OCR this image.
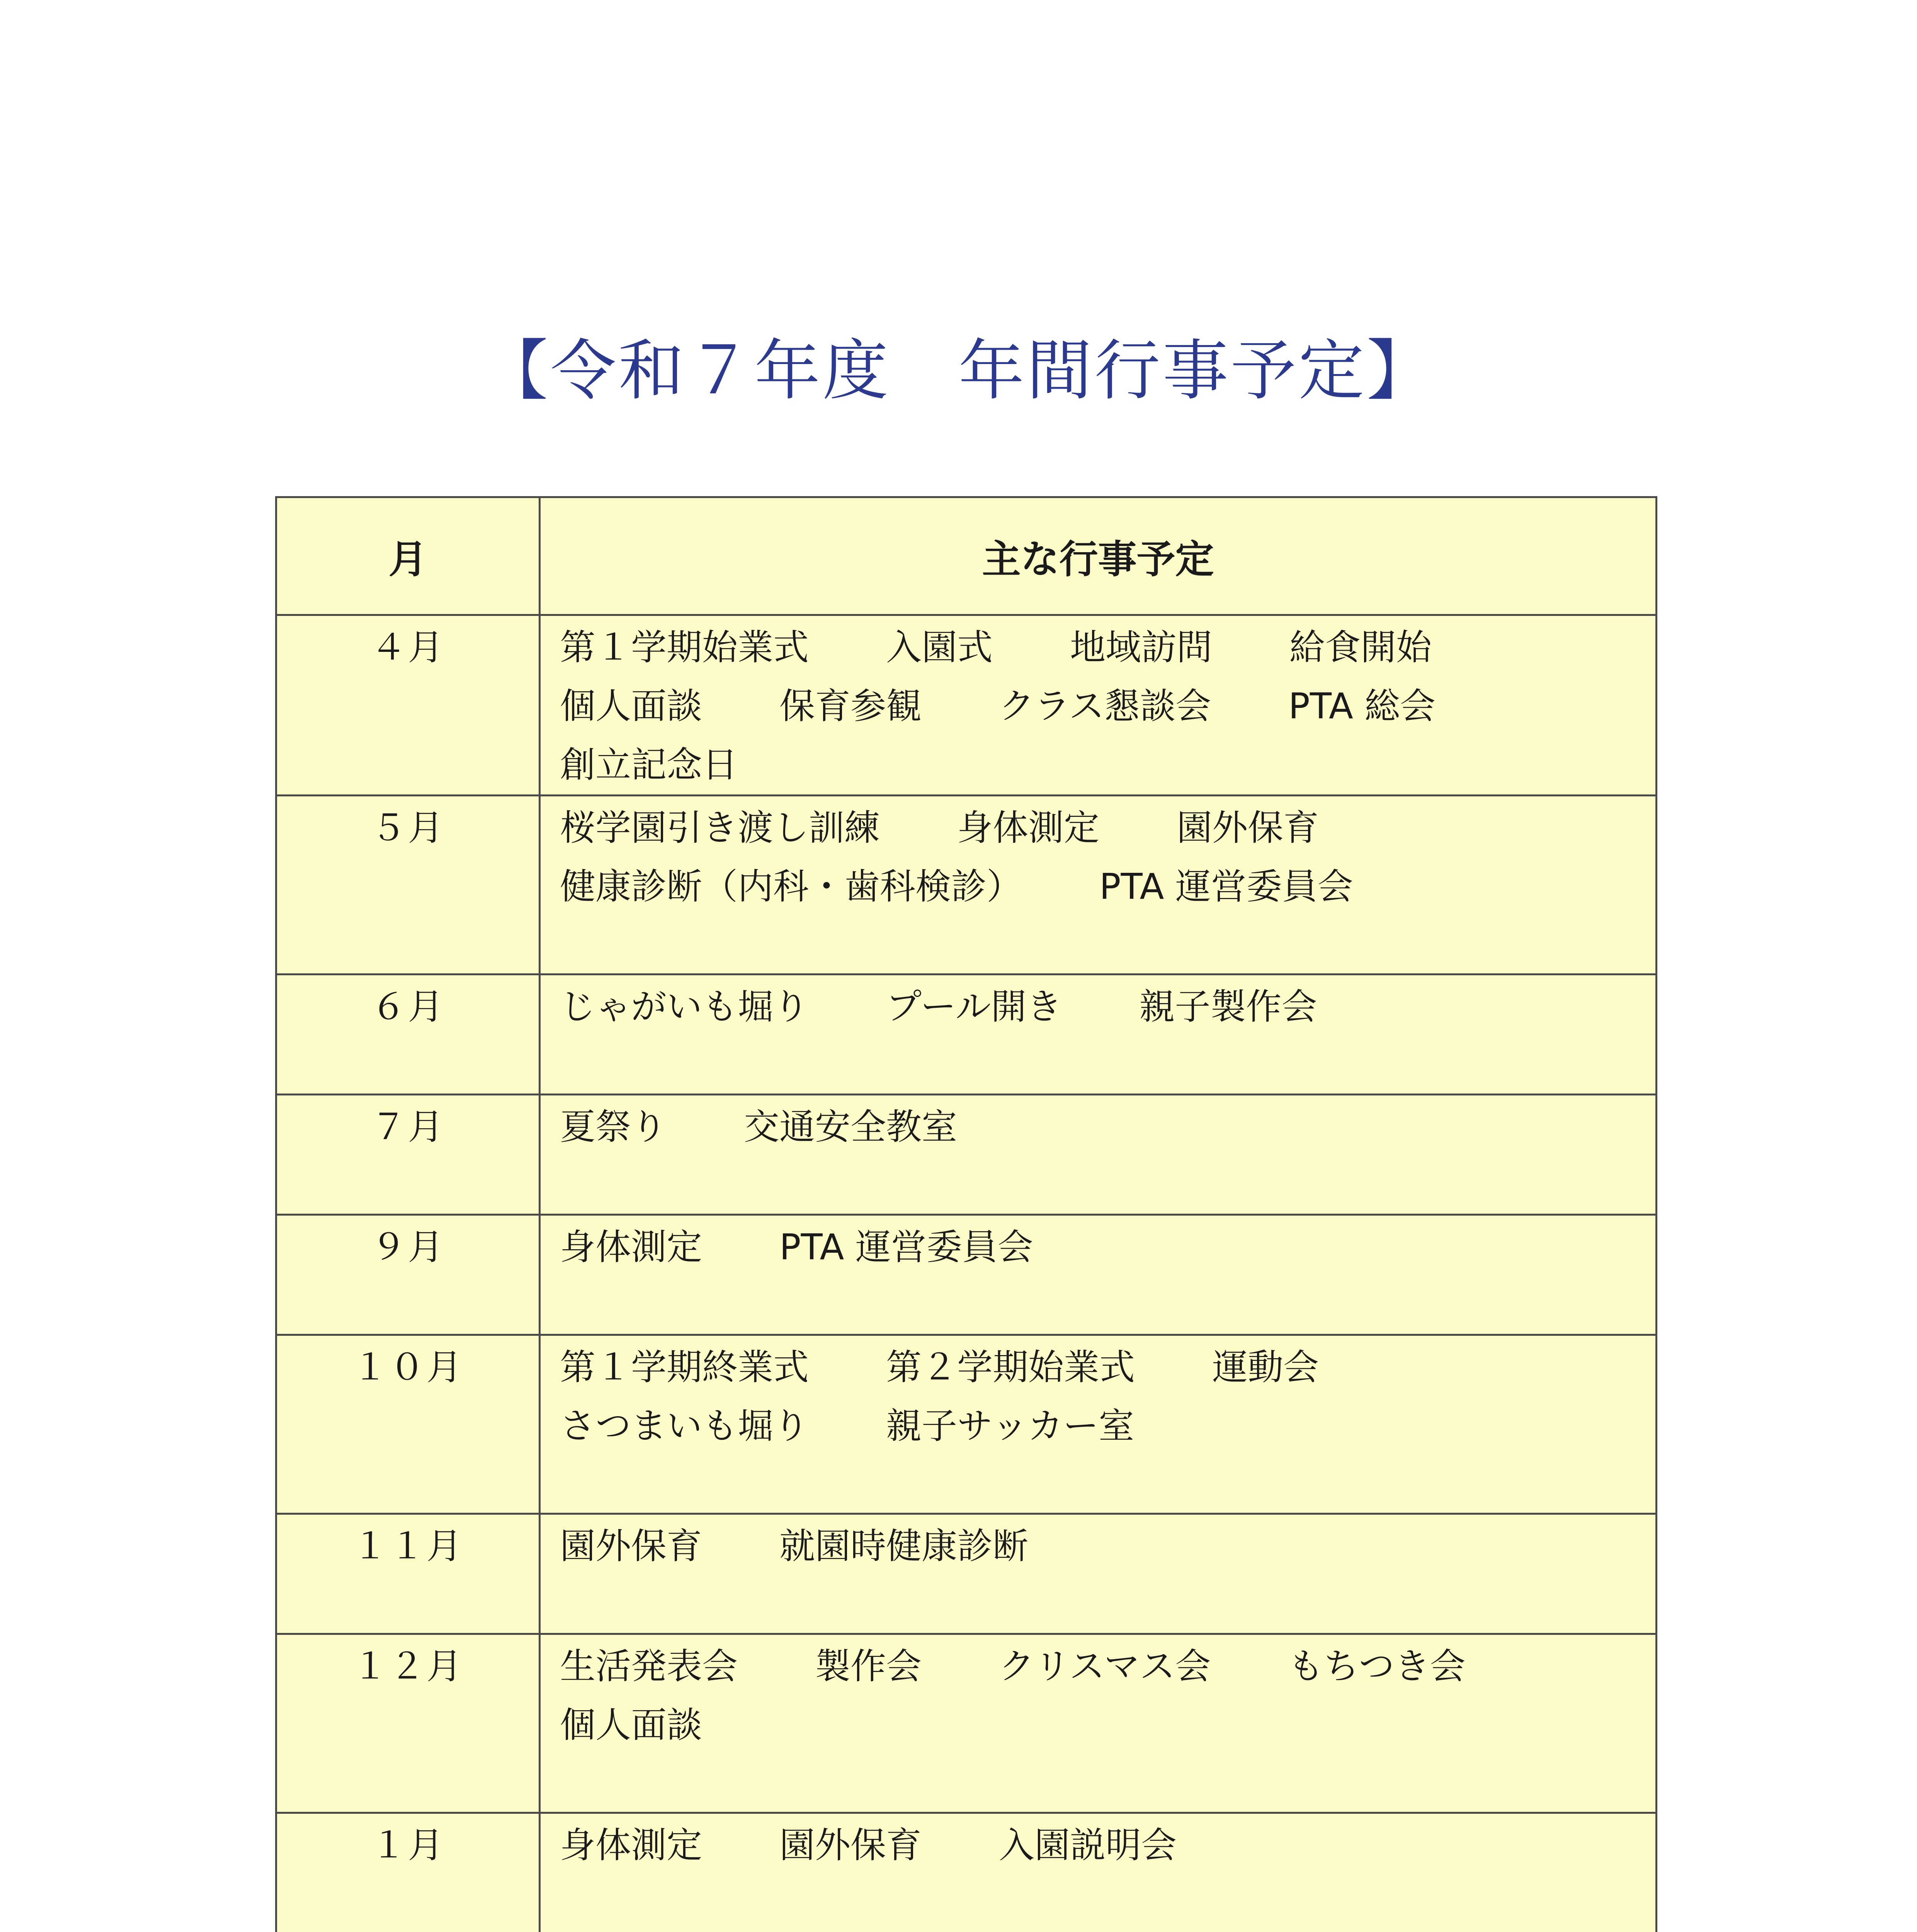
【令和７年度　年間行事予定】
月	主な行事予定
４月	第１学期始業式 入園式 地域訪問 給食開始
個人面談 保育参観 クラス懇談会 PTA 総会
創立記念日

５月	桜学園引き渡し訓練 身体測定 園外保育
健康診断（内科・歯科検診） PTA 運営委員会

６月	じゃがいも堀り プール開き 親子製作会

７月	夏祭り 交通安全教室

９月	身体測定 PTA 運営委員会

１０月	第１学期終業式 第２学期始業式 運動会
さつまいも堀り 親子サッカー室

１１月	園外保育 就園時健康診断

１２月	生活発表会 製作会 クリスマス会 もちつき会
個人面談

１月	身体測定 園外保育 入園説明会
